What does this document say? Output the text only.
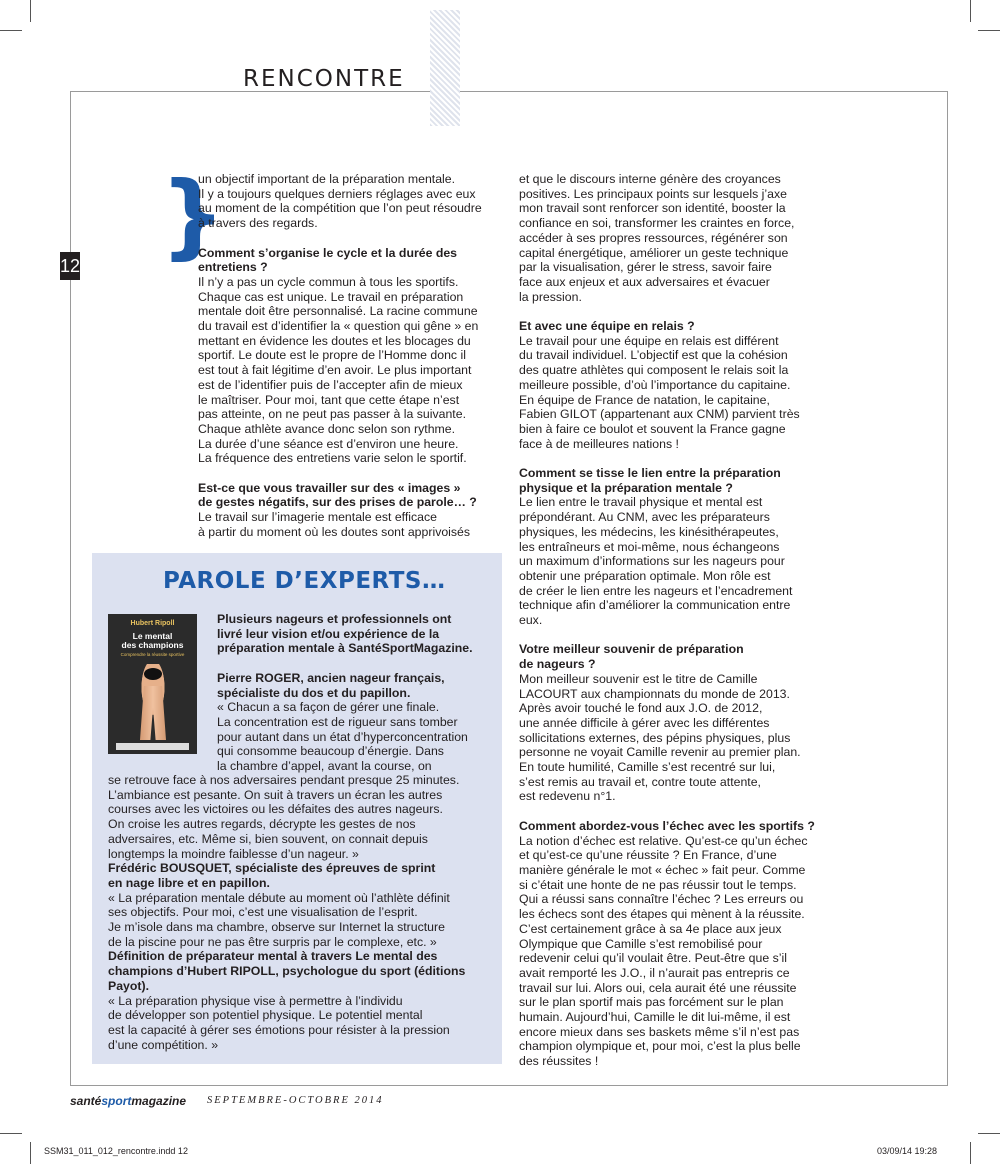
RENCONTRE
12 }

un objectif important de la préparation mentale.
Il y a toujours quelques derniers réglages avec eux
au moment de la compétition que l’on peut résoudre
à travers des regards.

Comment s’organise le cycle et la durée des
entretiens ?

Il n’y a pas un cycle commun à tous les sportifs.
Chaque cas est unique. Le travail en préparation
mentale doit être personnalisé. La racine commune
du travail est d’identifier la « question qui gêne » en
mettant en évidence les doutes et les blocages du
sportif. Le doute est le propre de l’Homme donc il
est tout à fait légitime d’en avoir. Le plus important
est de l’identifier puis de l’accepter afin de mieux
le maîtriser. Pour moi, tant que cette étape n’est
pas atteinte, on ne peut pas passer à la suivante.
Chaque athlète avance donc selon son rythme.
La durée d’une séance est d’environ une heure.
La fréquence des entretiens varie selon le sportif.

Est-ce que vous travailler sur des « images »
de gestes négatifs, sur des prises de parole… ?

Le travail sur l’imagerie mentale est efficace
à partir du moment où les doutes sont apprivoisés

et que le discours interne génère des croyances
positives. Les principaux points sur lesquels j’axe
mon travail sont renforcer son identité, booster la
confiance en soi, transformer les craintes en force,
accéder à ses propres ressources, régénérer son
capital énergétique, améliorer un geste technique
par la visualisation, gérer le stress, savoir faire
face aux enjeux et aux adversaires et évacuer
la pression.

Et avec une équipe en relais ?

Le travail pour une équipe en relais est différent
du travail individuel. L’objectif est que la cohésion
des quatre athlètes qui composent le relais soit la
meilleure possible, d’où l’importance du capitaine.
En équipe de France de natation, le capitaine,
Fabien GILOT (appartenant aux CNM) parvient très
bien à faire ce boulot et souvent la France gagne
face à de meilleures nations !

Comment se tisse le lien entre la préparation
physique et la préparation mentale ?

Le lien entre le travail physique et mental est
prépondérant. Au CNM, avec les préparateurs
physiques, les médecins, les kinésithérapeutes,
les entraîneurs et moi-même, nous échangeons
un maximum d’informations sur les nageurs pour
obtenir une préparation optimale. Mon rôle est
de créer le lien entre les nageurs et l’encadrement
technique afin d’améliorer la communication entre
eux.

Votre meilleur souvenir de préparation
de nageurs ?

Mon meilleur souvenir est le titre de Camille
LACOURT aux championnats du monde de 2013.
Après avoir touché le fond aux J.O. de 2012,
une année difficile à gérer avec les différentes
sollicitations externes, des pépins physiques, plus
personne ne voyait Camille revenir au premier plan.
En toute humilité, Camille s’est recentré sur lui,
s’est remis au travail et, contre toute attente,
est redevenu n°1.

Comment abordez-vous l’échec avec les sportifs ?

La notion d’échec est relative. Qu’est-ce qu’un échec
et qu’est-ce qu’une réussite ? En France, d’une
manière générale le mot « échec » fait peur. Comme
si c’était une honte de ne pas réussir tout le temps.
Qui a réussi sans connaître l’échec ? Les erreurs ou
les échecs sont des étapes qui mènent à la réussite.
C’est certainement grâce à sa 4e place aux jeux
Olympique que Camille s’est remobilisé pour
redevenir celui qu’il voulait être. Peut-être que s’il
avait remporté les J.O., il n’aurait pas entrepris ce
travail sur lui. Alors oui, cela aurait été une réussite
sur le plan sportif mais pas forcément sur le plan
humain. Aujourd’hui, Camille le dit lui-même, il est
encore mieux dans ses baskets même s’il n’est pas
champion olympique et, pour moi, c’est la plus belle
des réussites !

PAROLE D’EXPERTS…
Hubert Ripoll
Le mental
des champions
Comprendre la réussite sportive

Plusieurs nageurs et professionnels ont
livré leur vision et/ou expérience de la
préparation mentale à SantéSportMagazine.

Pierre ROGER, ancien nageur français,
spécialiste du dos et du papillon.

« Chacun a sa façon de gérer une finale.
La concentration est de rigueur sans tomber
pour autant dans un état d’hyperconcentration
qui consomme beaucoup d’énergie. Dans
la chambre d’appel, avant la course, on

se retrouve face à nos adversaires pendant presque 25 minutes.
L’ambiance est pesante. On suit à travers un écran les autres
courses avec les victoires ou les défaites des autres nageurs.
On croise les autres regards, décrypte les gestes de nos
adversaires, etc. Même si, bien souvent, on connait depuis
longtemps la moindre faiblesse d’un nageur. »

Frédéric BOUSQUET, spécialiste des épreuves de sprint
en nage libre et en papillon.

« La préparation mentale débute au moment où l’athlète définit
ses objectifs. Pour moi, c’est une visualisation de l’esprit.
Je m’isole dans ma chambre, observe sur Internet la structure
de la piscine pour ne pas être surpris par le complexe, etc. »

Définition de préparateur mental à travers Le mental des
champions d’Hubert RIPOLL, psychologue du sport (éditions
Payot).

« La préparation physique vise à permettre à l’individu
de développer son potentiel physique. Le potentiel mental
est la capacité à gérer ses émotions pour résister à la pression
d’une compétition. »

santésportmagazine SEPTEMBRE-OCTOBRE 2014
SSM31_011_012_rencontre.indd 12	03/09/14 19:28
